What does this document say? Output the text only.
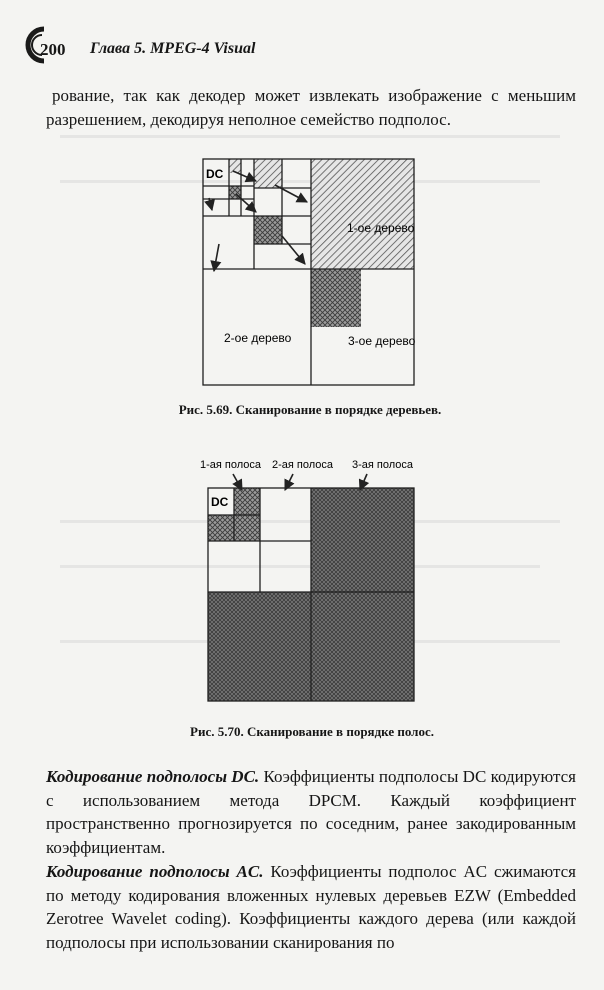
200 Глава 5. MPEG-4 Visual
рование, так как декодер может извлекать изображение с меньшим разрешением, декодируя неполное семейство подполос.
DC
1-ое дерево
2-ое дерево	3-ое дерево
Рис. 5.69. Сканирование в порядке деревьев.
1-ая полоса 2-ая полоса 3-ая полоса
DC
Рис. 5.70. Сканирование в порядке полос.
Кодирование подполосы DC. Коэффициенты подполосы DC кодируются с использованием метода DPCM. Каждый коэффициент пространственно прогнозируется по соседним, ранее закодированным коэффициентам.
Кодирование подполосы AC. Коэффициенты подполос AC сжимаются по методу кодирования вложенных нулевых деревьев EZW (Embedded Zerotree Wavelet coding). Коэффициенты каждого дерева (или каждой подполосы при использовании сканирования по
